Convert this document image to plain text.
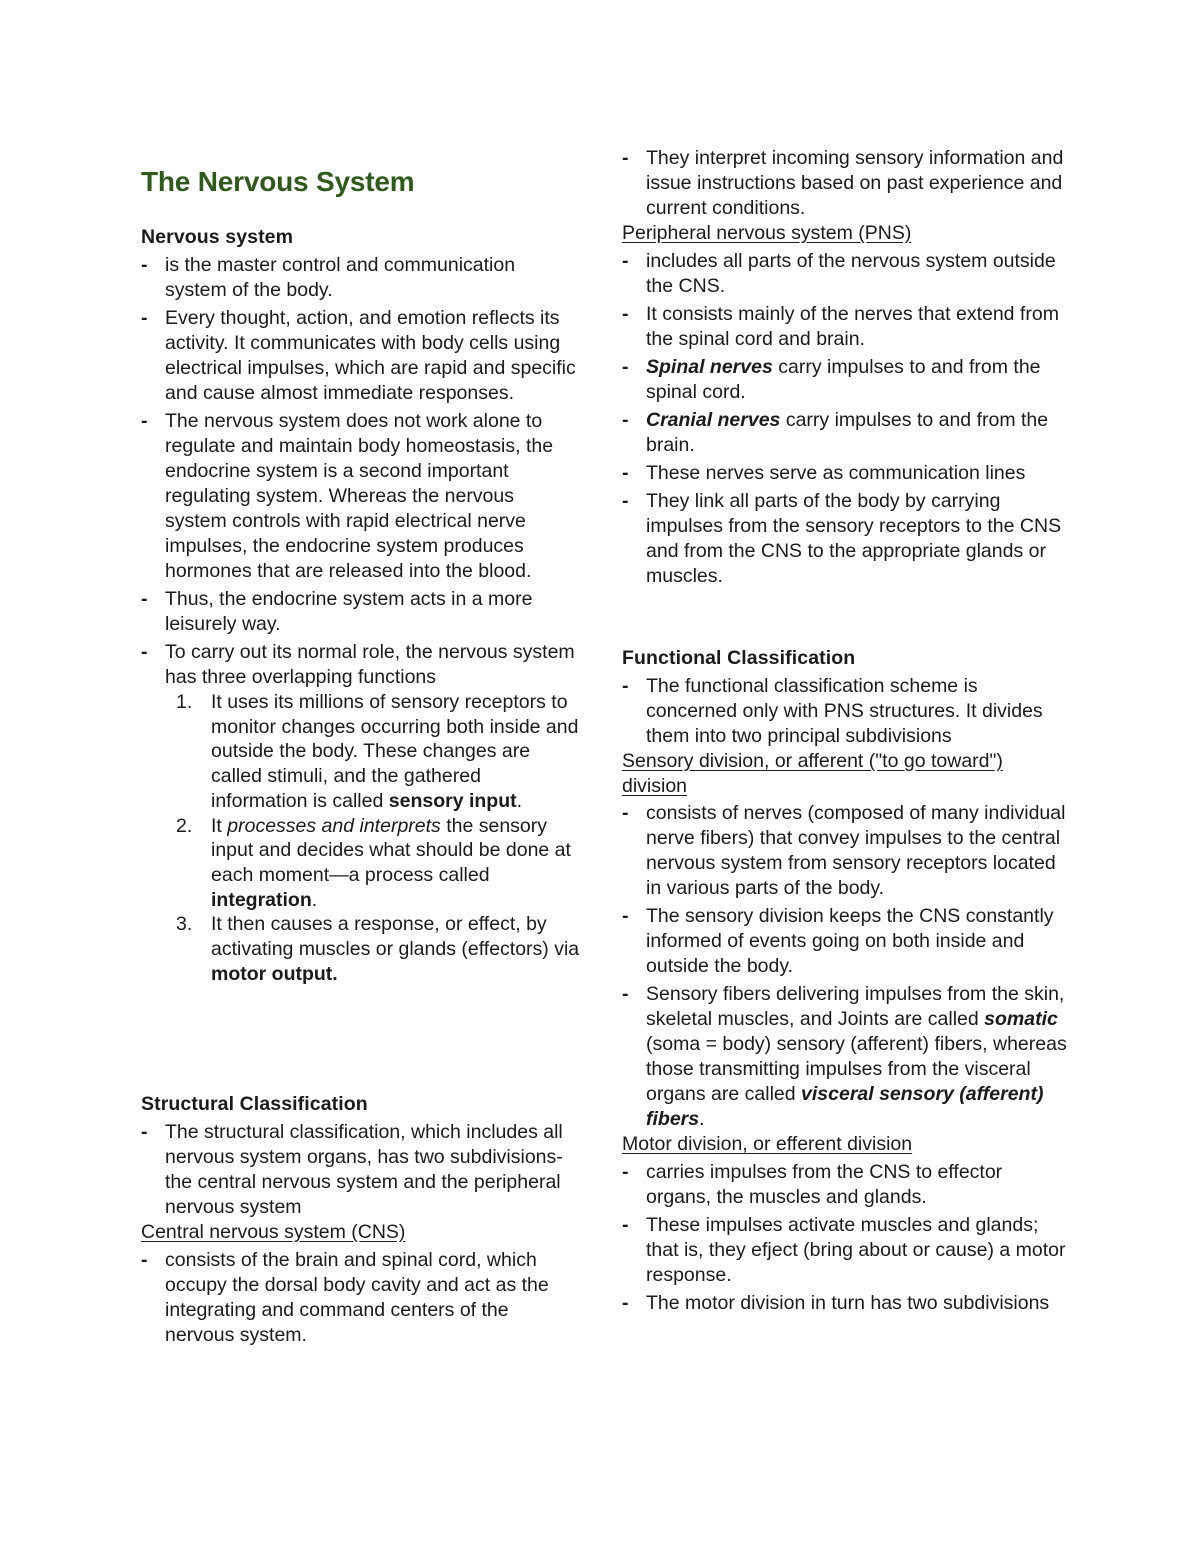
The Nervous System
Nervous system
- is the master control and communication system of the body.
- Every thought, action, and emotion reflects its activity. It communicates with body cells using electrical impulses, which are rapid and specific and cause almost immediate responses.
- The nervous system does not work alone to regulate and maintain body homeostasis, the endocrine system is a second important regulating system. Whereas the nervous system controls with rapid electrical nerve impulses, the endocrine system produces hormones that are released into the blood.
- Thus, the endocrine system acts in a more leisurely way.
- To carry out its normal role, the nervous system has three overlapping functions
1. It uses its millions of sensory receptors to monitor changes occurring both inside and outside the body. These changes are called stimuli, and the gathered information is called sensory input.
2. It processes and interprets the sensory input and decides what should be done at each moment—a process called integration.
3. It then causes a response, or effect, by activating muscles or glands (effectors) via motor output.
Structural Classification
- The structural classification, which includes all nervous system organs, has two subdivisions-the central nervous system and the peripheral nervous system
Central nervous system (CNS)
- consists of the brain and spinal cord, which occupy the dorsal body cavity and act as the integrating and command centers of the nervous system.
- They interpret incoming sensory information and issue instructions based on past experience and current conditions.
Peripheral nervous system (PNS)
- includes all parts of the nervous system outside the CNS.
- It consists mainly of the nerves that extend from the spinal cord and brain.
- Spinal nerves carry impulses to and from the spinal cord.
- Cranial nerves carry impulses to and from the brain.
- These nerves serve as communication lines
- They link all parts of the body by carrying impulses from the sensory receptors to the CNS and from the CNS to the appropriate glands or muscles.
Functional Classification
- The functional classification scheme is concerned only with PNS structures. It divides them into two principal subdivisions
Sensory division, or afferent ("to go toward") division
- consists of nerves (composed of many individual nerve fibers) that convey impulses to the central nervous system from sensory receptors located in various parts of the body.
- The sensory division keeps the CNS constantly informed of events going on both inside and outside the body.
- Sensory fibers delivering impulses from the skin, skeletal muscles, and Joints are called somatic (soma = body) sensory (afferent) fibers, whereas those transmitting impulses from the visceral organs are called visceral sensory (afferent) fibers.
Motor division, or efferent division
- carries impulses from the CNS to effector organs, the muscles and glands.
- These impulses activate muscles and glands; that is, they efject (bring about or cause) a motor response.
- The motor division in turn has two subdivisions
